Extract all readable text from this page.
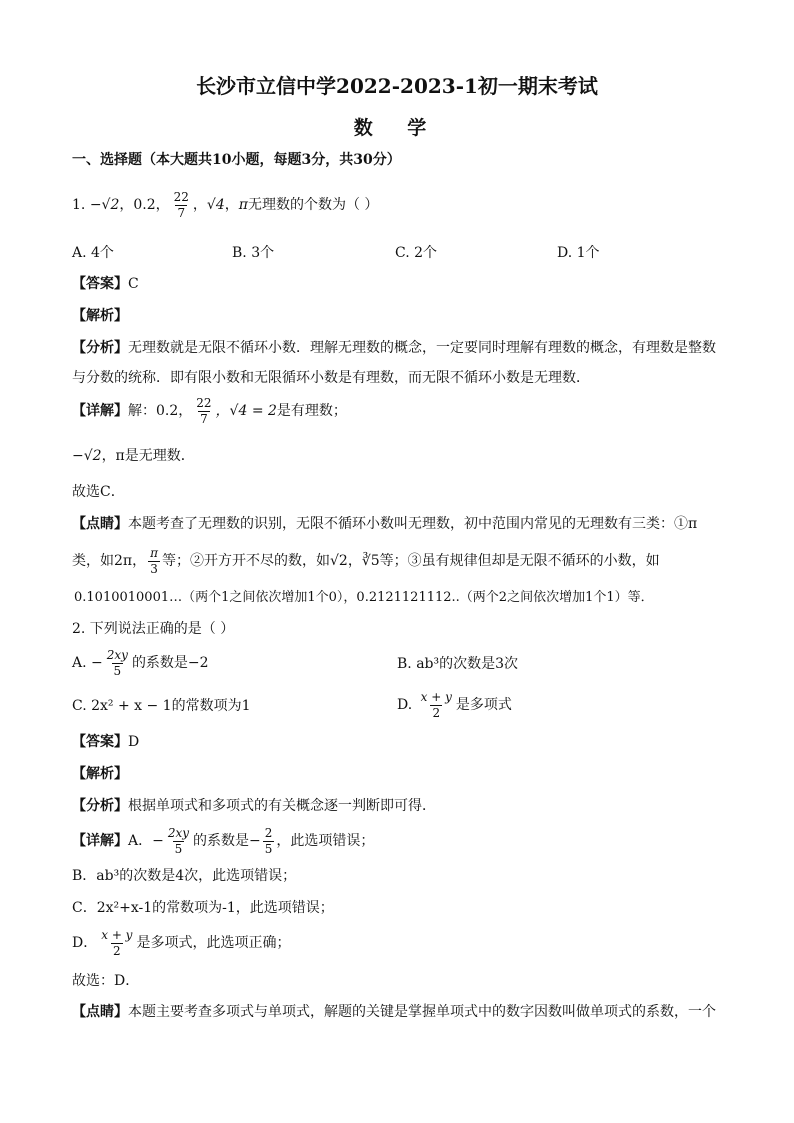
长沙市立信中学2022-2023-1初一期末考试
数 学
一、选择题（本大题共10小题，每题3分，共30分）
1. −√2，0.2， $\frac{22}{7}$ ，√4，π无理数的个数为（ ）
A. 4个	B. 3个	C. 2个	D. 1个
【答案】C
【解析】
【分析】无理数就是无限不循环小数．理解无理数的概念，一定要同时理解有理数的概念，有理数是整数
与分数的统称．即有限小数和无限循环小数是有理数，而无限不循环小数是无理数．
【详解】解：0.2， $\frac{22}{7}$ ，√4 = 2是有理数；
−√2，π是无理数．
故选C．
【点睛】本题考查了无理数的识别，无限不循环小数叫无理数，初中范围内常见的无理数有三类：①π
类，如2π， $\frac{\pi}{3}$ 等；②开方开不尽的数，如√2，∛5等；③虽有规律但却是无限不循环的小数，如
0.1010010001…（两个1之间依次增加1个0），0.2121121112..（两个2之间依次增加1个1）等．
2. 下列说法正确的是（ ）
A. − $\frac{2xy}{5}$ 的系数是−2	B. ab³的次数是3次
C. 2x² + x − 1的常数项为1	D. $\frac{x + y}{2}$ 是多项式
【答案】D
【解析】
【分析】根据单项式和多项式的有关概念逐一判断即可得．
【详解】A．− $\frac{2xy}{5}$ 的系数是− $\frac{2}{5}$ ，此选项错误；
B．ab³的次数是4次，此选项错误；
C．2x²+x-1的常数项为-1，此选项错误；
D． $\frac{x + y}{2}$ 是多项式，此选项正确；
故选：D．
【点睛】本题主要考查多项式与单项式，解题的关键是掌握单项式中的数字因数叫做单项式的系数，一个
